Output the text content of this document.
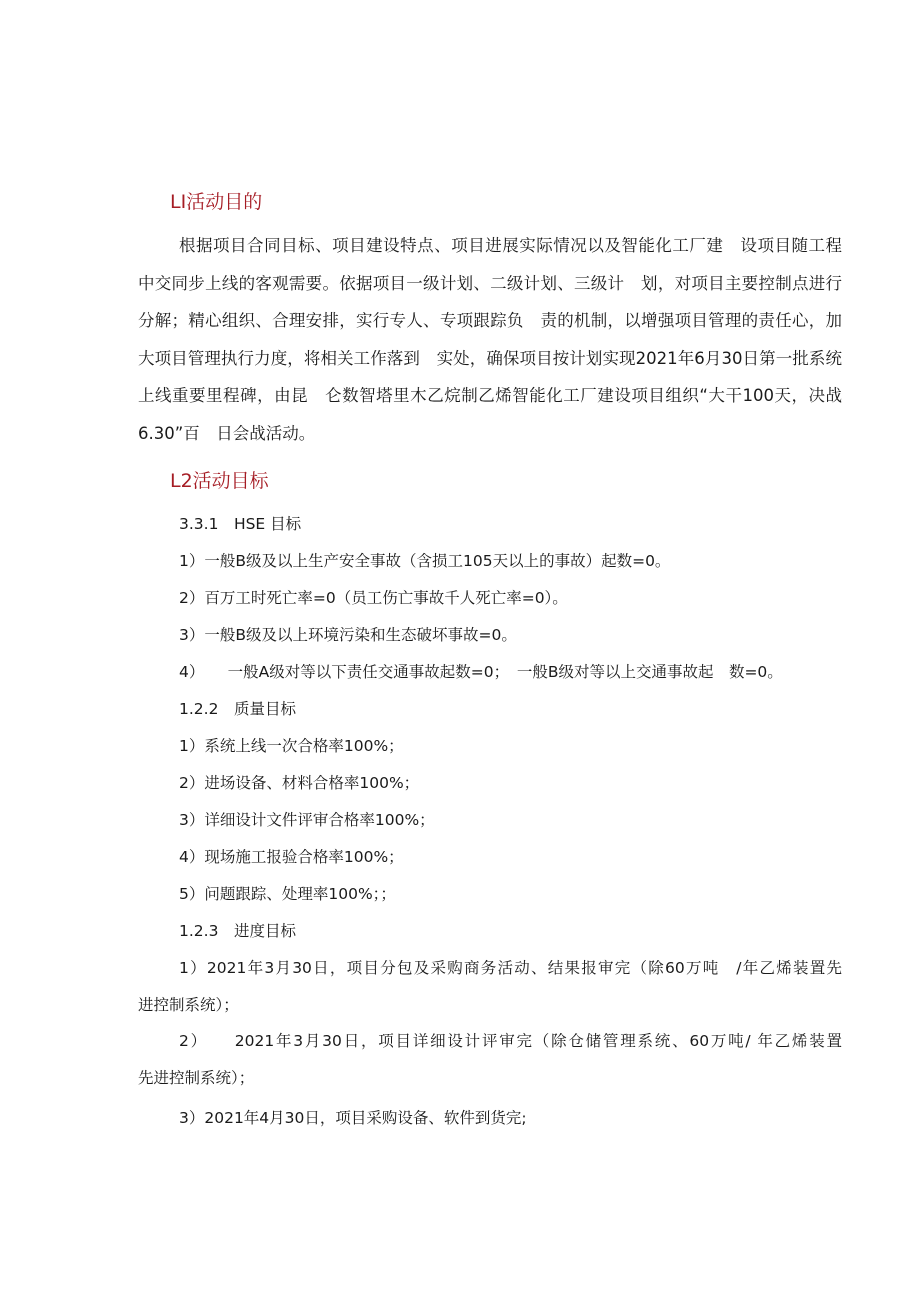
LI活动目的
根据项目合同目标、项目建设特点、项目进展实际情况以及智能化工厂建　设项目随工程
中交同步上线的客观需要。依据项目一级计划、二级计划、三级计　划，对项目主要控制点进行
分解；精心组织、合理安排，实行专人、专项跟踪负　责的机制，以增强项目管理的责任心，加
大项目管理执行力度，将相关工作落到　实处，确保项目按计划实现2021年6月30日第一批系统
上线重要里程碑，由昆　仑数智塔里木乙烷制乙烯智能化工厂建设项目组织“大干100天，决战
6.30”百　日会战活动。
L2活动目标

3.3.1　HSE 目标

1）一般B级及以上生产安全事故（含损工105天以上的事故）起数=0。

2）百万工时死亡率=0（员工伤亡事故千人死亡率=0）。

3）一般B级及以上环境污染和生态破坏事故=0。

4）　　一般A级对等以下责任交通事故起数=0；　一般B级对等以上交通事故起　数=0。

1.2.2　质量目标

1）系统上线一次合格率100%；

2）进场设备、材料合格率100%；

3）详细设计文件评审合格率100%；

4）现场施工报验合格率100%；

5）问题跟踪、处理率100%；；

1.2.3　进度目标

1）2021年3月30日，项目分包及采购商务活动、结果报审完（除60万吨　/年乙烯装置先
进控制系统）；
2）　　2021年3月30日，项目详细设计评审完（除仓储管理系统、60万吨/ 年乙烯装置
先进控制系统）；

3）2021年4月30日，项目采购设备、软件到货完;
